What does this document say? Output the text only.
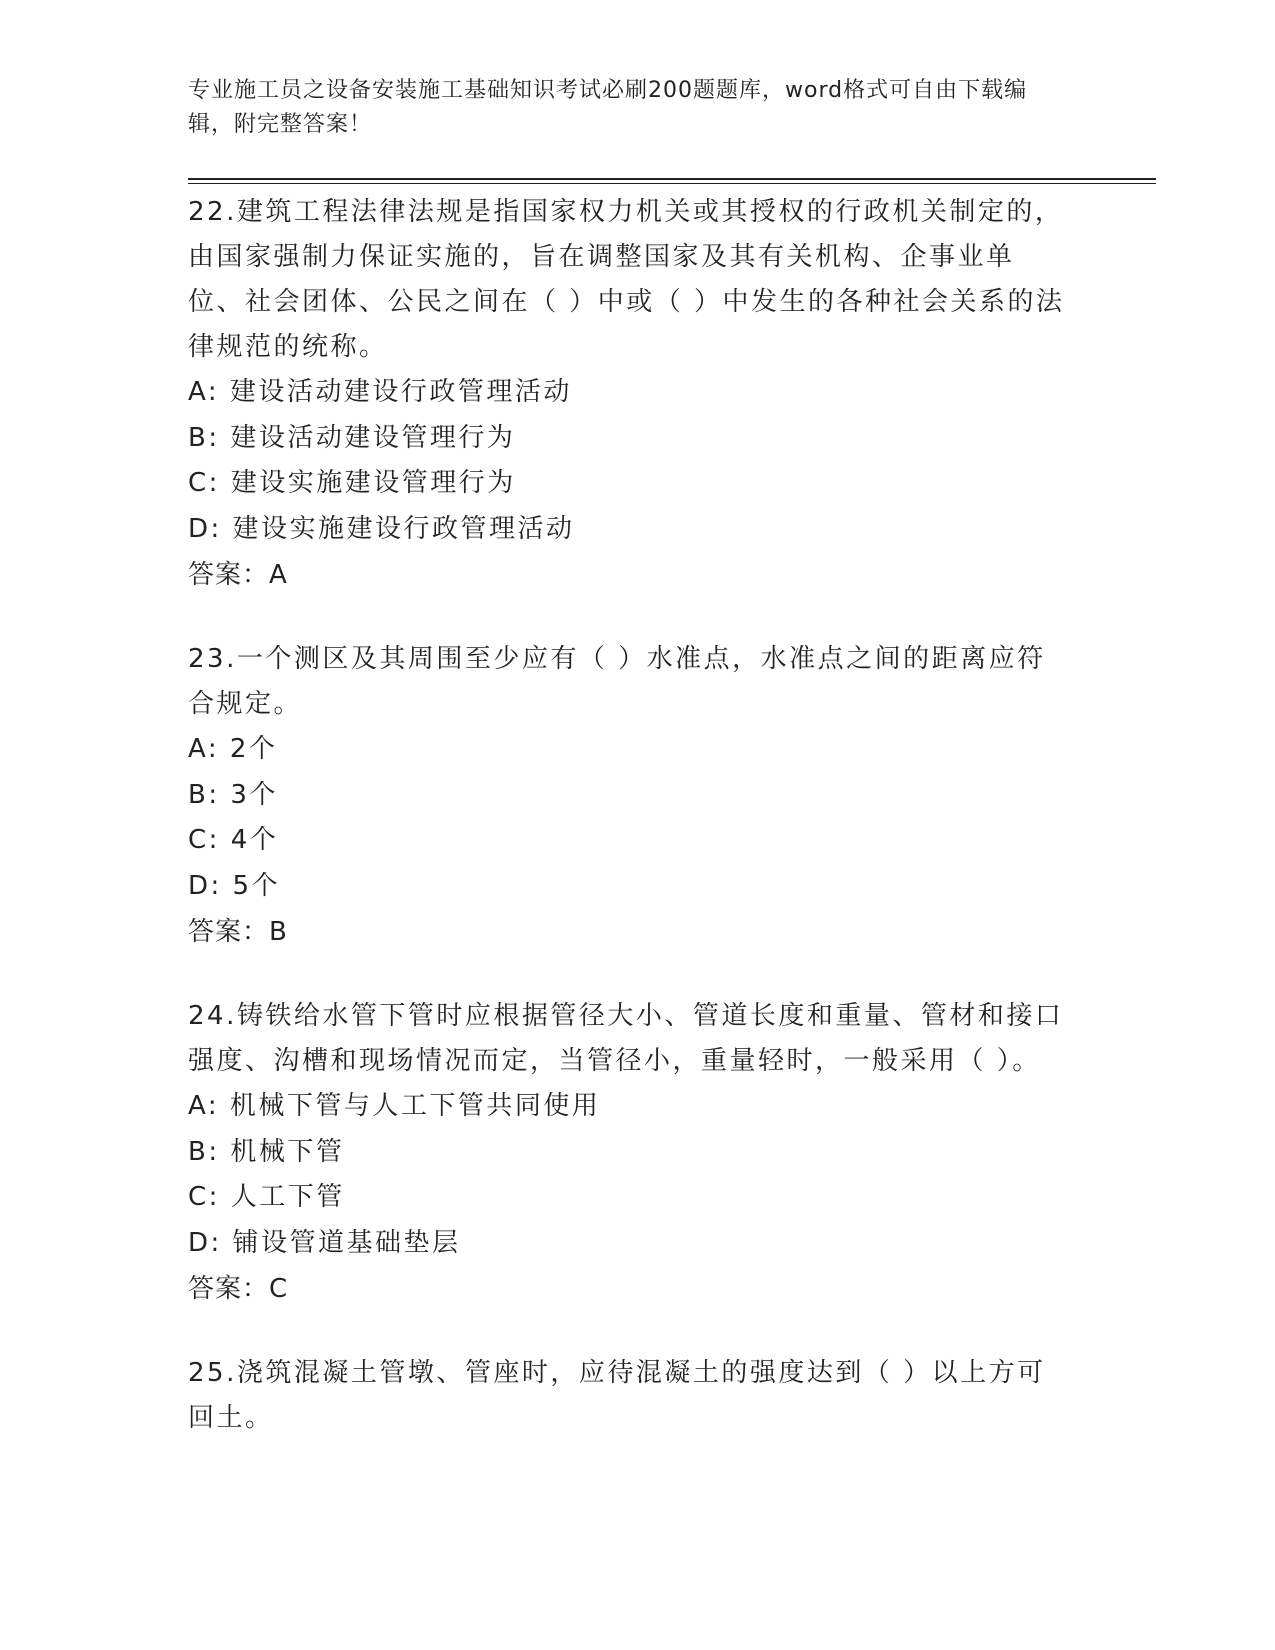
专业施工员之设备安装施工基础知识考试必刷200题题库，word格式可自由下载编辑，附完整答案！
22.建筑工程法律法规是指国家权力机关或其授权的行政机关制定的，由国家强制力保证实施的，旨在调整国家及其有关机构、企事业单位、社会团体、公民之间在（ ）中或（ ）中发生的各种社会关系的法律规范的统称。
A: 建设活动建设行政管理活动
B: 建设活动建设管理行为
C: 建设实施建设管理行为
D: 建设实施建设行政管理活动
答案：A
23.一个测区及其周围至少应有（ ）水准点，水准点之间的距离应符合规定。
A: 2个
B: 3个
C: 4个
D: 5个
答案：B
24.铸铁给水管下管时应根据管径大小、管道长度和重量、管材和接口强度、沟槽和现场情况而定，当管径小，重量轻时，一般采用（ ）。
A: 机械下管与人工下管共同使用
B: 机械下管
C: 人工下管
D: 铺设管道基础垫层
答案：C
25.浇筑混凝土管墩、管座时，应待混凝土的强度达到（ ）以上方可回土。
